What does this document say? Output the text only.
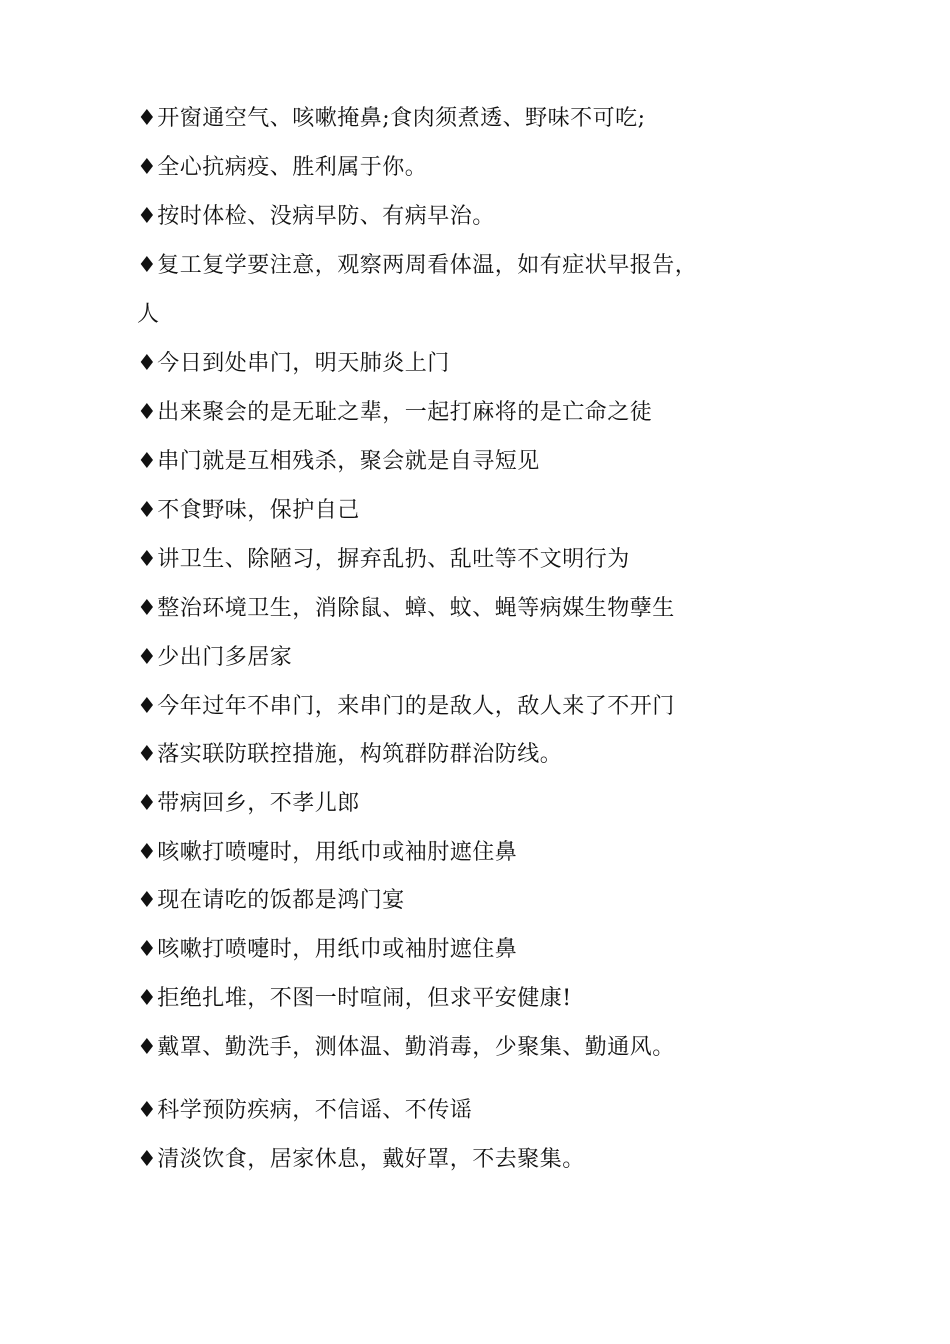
♦开窗通空气、咳嗽掩鼻;食肉须煮透、野味不可吃;
♦全心抗病疫、胜利属于你。
♦按时体检、没病早防、有病早治。
♦复工复学要注意，观察两周看体温，如有症状早报告，
人
♦今日到处串门，明天肺炎上门
♦出来聚会的是无耻之辈，一起打麻将的是亡命之徒
♦串门就是互相残杀，聚会就是自寻短见
♦不食野味，保护自己
♦讲卫生、除陋习，摒弃乱扔、乱吐等不文明行为
♦整治环境卫生，消除鼠、蟑、蚊、蝇等病媒生物孽生
♦少出门多居家
♦今年过年不串门，来串门的是敌人，敌人来了不开门
♦落实联防联控措施，构筑群防群治防线。
♦带病回乡，不孝儿郎
♦咳嗽打喷嚏时，用纸巾或袖肘遮住鼻
♦现在请吃的饭都是鸿门宴
♦咳嗽打喷嚏时，用纸巾或袖肘遮住鼻
♦拒绝扎堆，不图一时喧闹，但求平安健康!
♦戴罩、勤洗手，测体温、勤消毒，少聚集、勤通风。
♦科学预防疾病，不信谣、不传谣
♦清淡饮食，居家休息，戴好罩，不去聚集。
